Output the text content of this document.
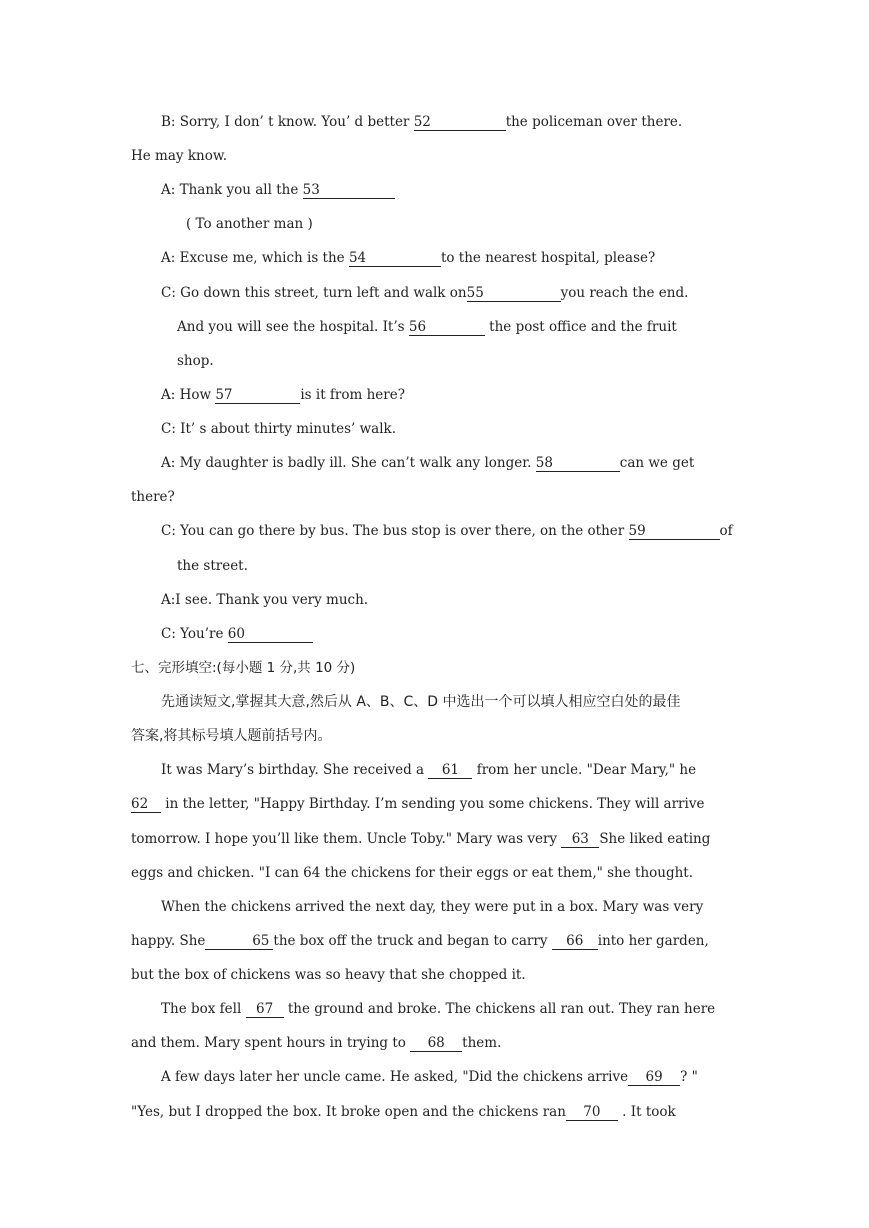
B: Sorry, I don’ t know. You’ d better 52	the policeman over there.
He may know.
A: Thank you all the 53
( To another man )
A: Excuse me, which is the 54	to the nearest hospital, please?
C: Go down this street, turn left and walk on55	you reach the end.
And you will see the hospital. It’s 56	the post office and the fruit
shop.
A: How 57	is it from here?
C: It’ s about thirty minutes’ walk.
A: My daughter is badly ill. She can’t walk any longer. 58	can we get
there?
C: You can go there by bus. The bus stop is over there, on the other 59	of
the street.
A:I see. Thank you very much.
C: You’re 60
七、完形填空:(每小题 1 分,共 10 分)
先通读短文,掌握其大意,然后从 A、B、C、D 中选出一个可以填人相应空白处的最佳
答案,将其标号填人题前括号内。
It was Mary’s birthday. She received a 61 from her uncle. "Dear Mary," he
62 in the letter, "Happy Birthday. I’m sending you some chickens. They will arrive
tomorrow. I hope you’ll like them. Uncle Toby." Mary was very 63 She liked eating
eggs and chicken. "I can 64 the chickens for their eggs or eat them," she thought.
When the chickens arrived the next day, they were put in a box. Mary was very
happy. She	65 the box off the truck and began to carry 66 into her garden,
but the box of chickens was so heavy that she chopped it.
The box fell 67 the ground and broke. The chickens all ran out. They ran here
and them. Mary spent hours in trying to 68 them.
A few days later her uncle came. He asked, "Did the chickens arrive 69 ? "
"Yes, but I dropped the box. It broke open and the chickens ran 70 . It took
